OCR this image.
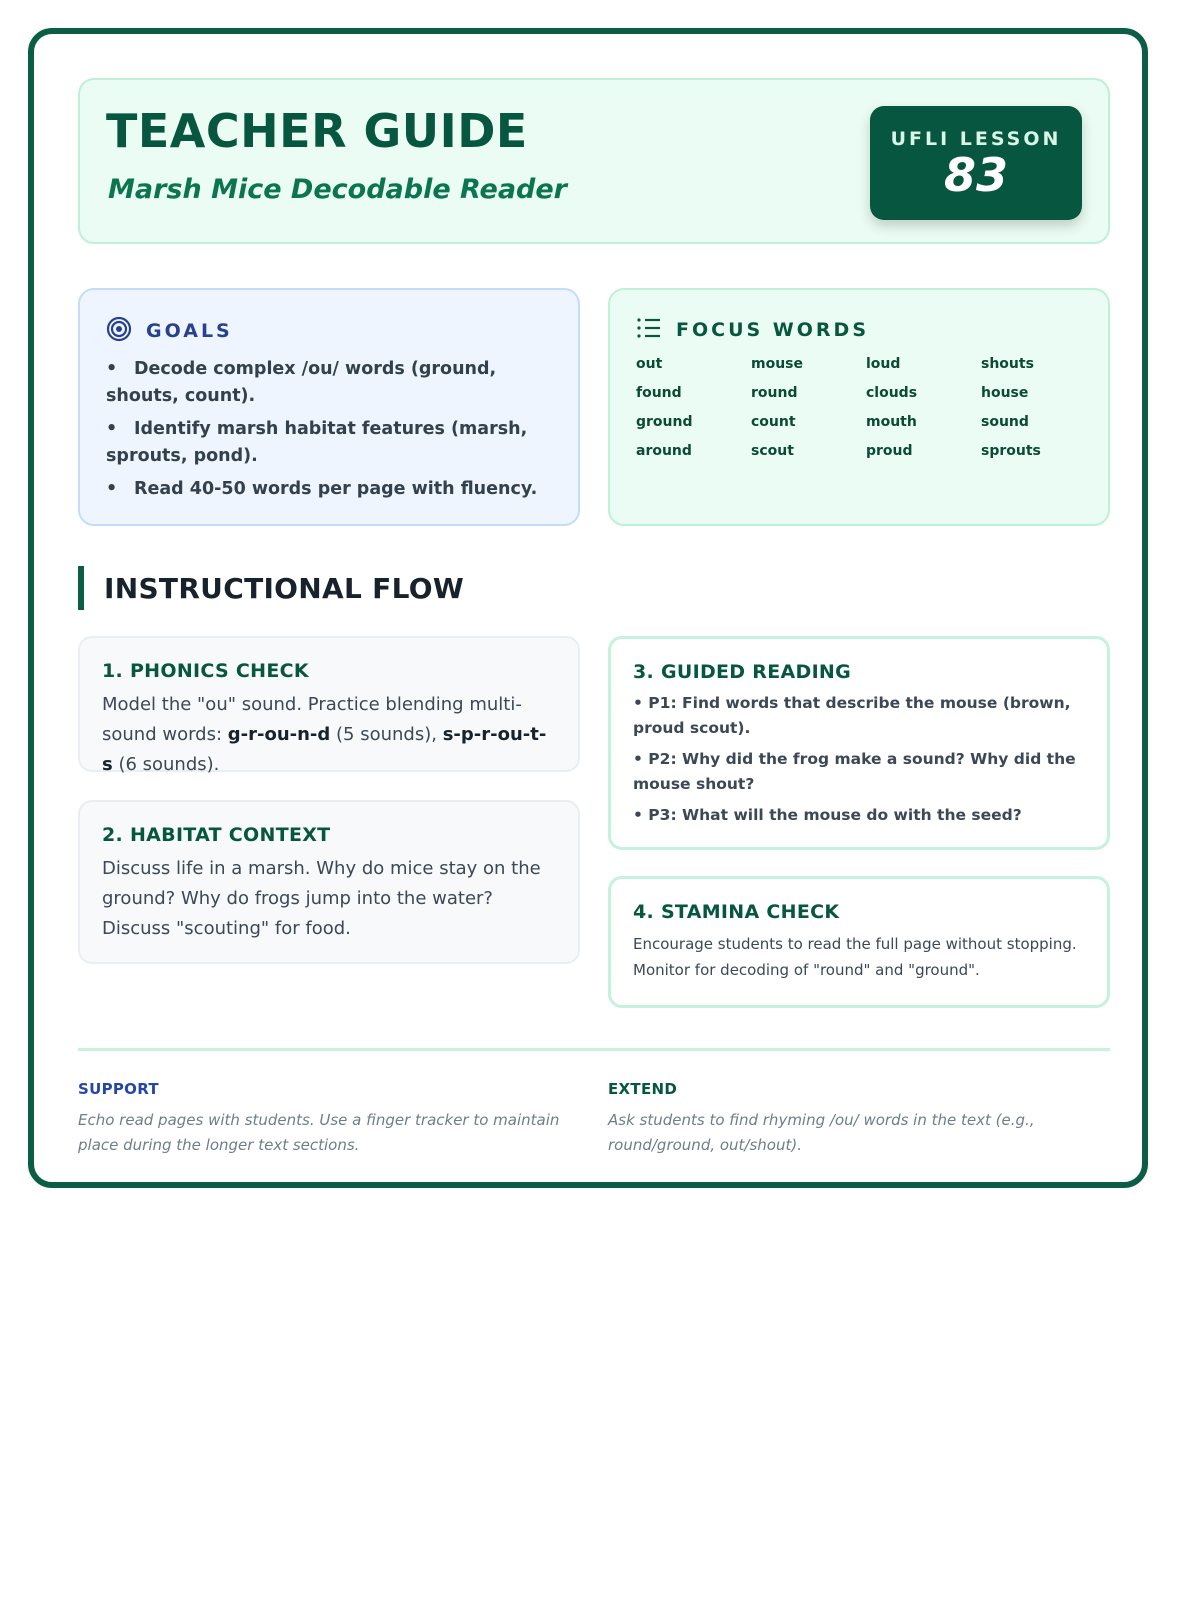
TEACHER GUIDE
Marsh Mice Decodable Reader
UFLI LESSON
83
GOALS
• Decode complex /ou/ words (ground, shouts, count).
• Identify marsh habitat features (marsh, sprouts, pond).
• Read 40-50 words per page with fluency.
FOCUS WORDS
out	mouse	loud	shouts
found	round	clouds	house
ground	count	mouth	sound
around	scout	proud	sprouts
INSTRUCTIONAL FLOW
1. PHONICS CHECK

Model the "ou" sound. Practice blending multi-sound words: g-r-ou-n-d (5 sounds), s-p-r-ou-t-s (6 sounds).

2. HABITAT CONTEXT

Discuss life in a marsh. Why do mice stay on the ground? Why do frogs jump into the water? Discuss "scouting" for food.

3. GUIDED READING

• P1: Find words that describe the mouse (brown, proud scout).

• P2: Why did the frog make a sound? Why did the mouse shout?

• P3: What will the mouse do with the seed?

4. STAMINA CHECK

Encourage students to read the full page without stopping. Monitor for decoding of "round" and "ground".

SUPPORT

Echo read pages with students. Use a finger tracker to maintain place during the longer text sections.

EXTEND

Ask students to find rhyming /ou/ words in the text (e.g., round/ground, out/shout).
